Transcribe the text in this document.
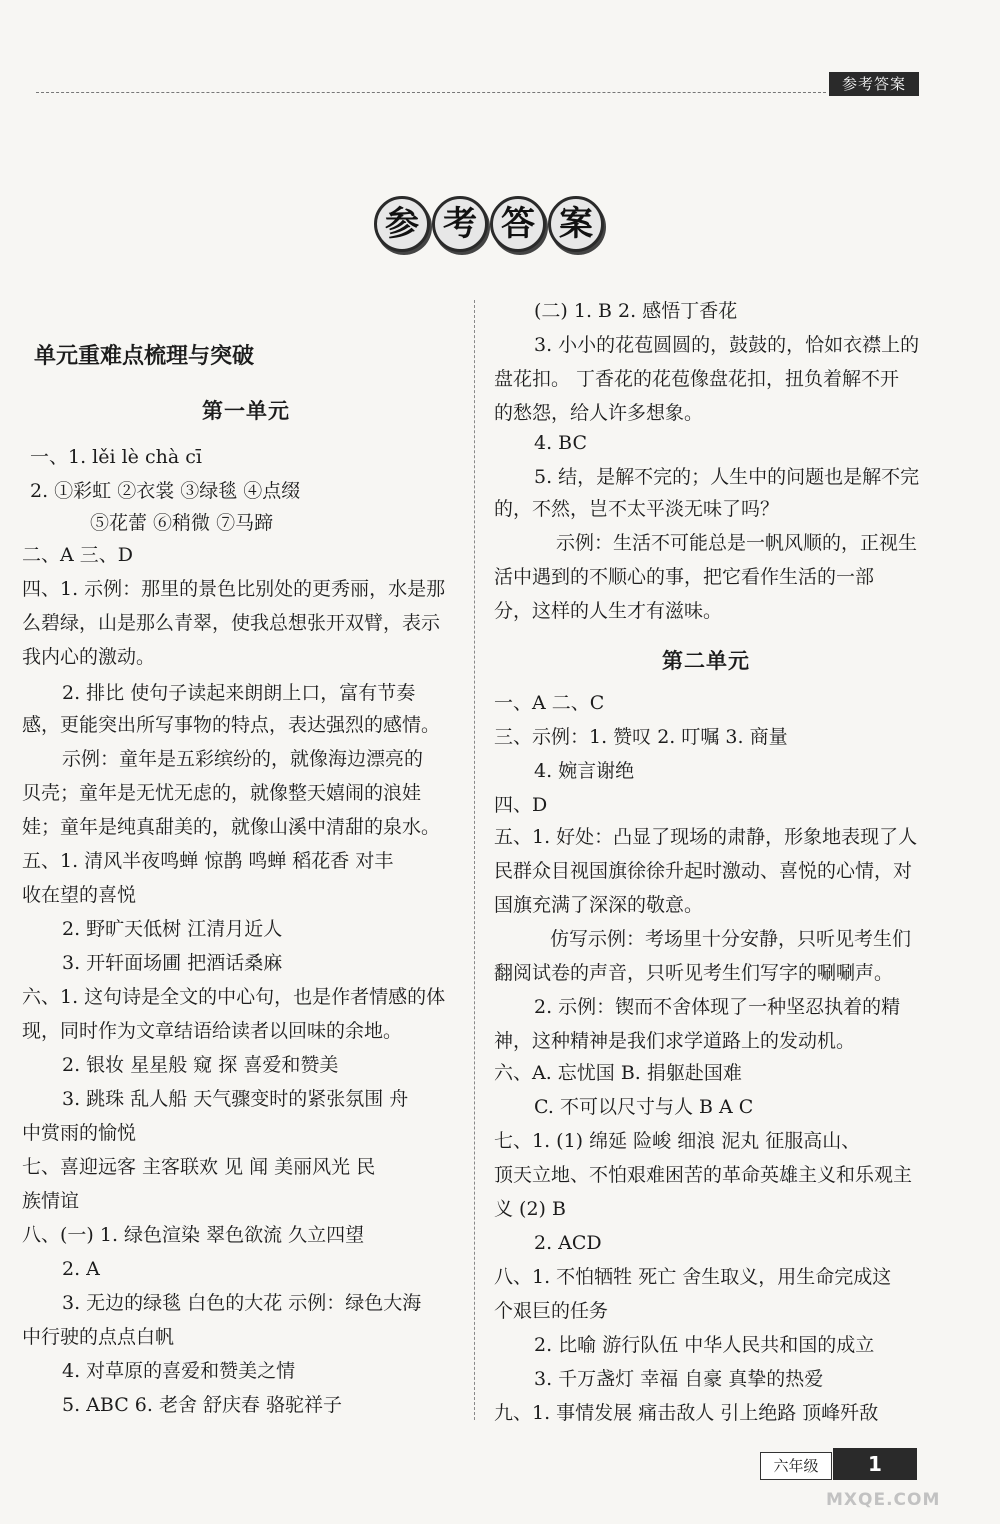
参考答案
参 考 答 案
单元重难点梳理与突破
第一单元
一、1. lěi lè chà cī
2. ①彩虹 ②衣裳 ③绿毯 ④点缀
⑤花蕾 ⑥稍微 ⑦马蹄
二、A 三、D
四、1. 示例：那里的景色比别处的更秀丽，水是那
么碧绿，山是那么青翠，使我总想张开双臂，表示
我内心的激动。
2. 排比 使句子读起来朗朗上口，富有节奏
感，更能突出所写事物的特点，表达强烈的感情。
示例：童年是五彩缤纷的，就像海边漂亮的
贝壳；童年是无忧无虑的，就像整天嬉闹的浪娃
娃；童年是纯真甜美的，就像山溪中清甜的泉水。
五、1. 清风半夜鸣蝉 惊鹊 鸣蝉 稻花香 对丰
收在望的喜悦
2. 野旷天低树 江清月近人
3. 开轩面场圃 把酒话桑麻
六、1. 这句诗是全文的中心句，也是作者情感的体
现，同时作为文章结语给读者以回味的余地。
2. 银妆 星星般 窥 探 喜爱和赞美
3. 跳珠 乱人船 天气骤变时的紧张氛围 舟
中赏雨的愉悦
七、喜迎远客 主客联欢 见 闻 美丽风光 民
族情谊
八、(一) 1. 绿色渲染 翠色欲流 久立四望
2. A
3. 无边的绿毯 白色的大花 示例：绿色大海
中行驶的点点白帆
4. 对草原的喜爱和赞美之情
5. ABC 6. 老舍 舒庆春 骆驼祥子
(二) 1. B 2. 感悟丁香花
3. 小小的花苞圆圆的，鼓鼓的，恰如衣襟上的
盘花扣。 丁香花的花苞像盘花扣，扭负着解不开
的愁怨，给人许多想象。
4. BC
5. 结，是解不完的；人生中的问题也是解不完
的，不然，岂不太平淡无味了吗？
示例：生活不可能总是一帆风顺的，正视生
活中遇到的不顺心的事，把它看作生活的一部
分，这样的人生才有滋味。
第二单元
一、A 二、C
三、示例：1. 赞叹 2. 叮嘱 3. 商量
4. 婉言谢绝
四、D
五、1. 好处：凸显了现场的肃静，形象地表现了人
民群众目视国旗徐徐升起时激动、喜悦的心情，对
国旗充满了深深的敬意。
仿写示例：考场里十分安静，只听见考生们
翻阅试卷的声音，只听见考生们写字的唰唰声。
2. 示例：锲而不舍体现了一种坚忍执着的精
神，这种精神是我们求学道路上的发动机。
六、A. 忘忧国 B. 捐躯赴国难
C. 不可以尺寸与人 B A C
七、1. (1) 绵延 险峻 细浪 泥丸 征服高山、
顶天立地、不怕艰难困苦的革命英雄主义和乐观主
义 (2) B
2. ACD
八、1. 不怕牺牲 死亡 舍生取义，用生命完成这
个艰巨的任务
2. 比喻 游行队伍 中华人民共和国的成立
3. 千万盏灯 幸福 自豪 真挚的热爱
九、1. 事情发展 痛击敌人 引上绝路 顶峰歼敌
六年级	1
MXQE.COM
